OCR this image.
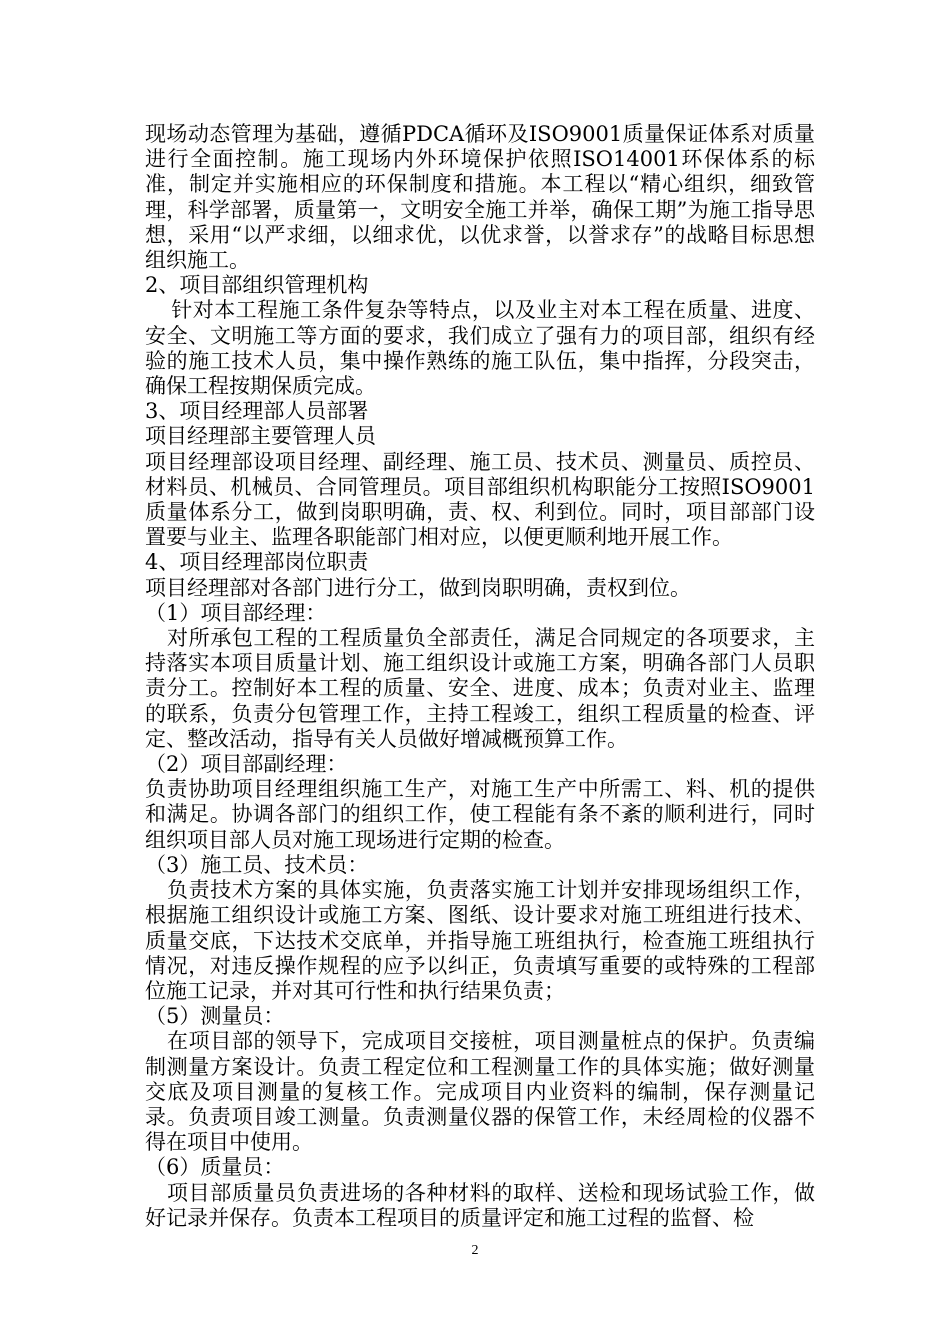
现场动态管理为基础，遵循PDCA循环及ISO9001质量保证体系对质量进行全面控制。施工现场内外环境保护依照ISO14001环保体系的标准，制定并实施相应的环保制度和措施。本工程以“精心组织，细致管理，科学部署，质量第一，文明安全施工并举，确保工期”为施工指导思想，采用“以严求细，以细求优，以优求誉，以誉求存”的战略目标思想组织施工。

2、项目部组织管理机构

针对本工程施工条件复杂等特点，以及业主对本工程在质量、进度、安全、文明施工等方面的要求，我们成立了强有力的项目部，组织有经验的施工技术人员，集中操作熟练的施工队伍，集中指挥，分段突击，确保工程按期保质完成。

3、项目经理部人员部署

项目经理部主要管理人员

项目经理部设项目经理、副经理、施工员、技术员、测量员、质控员、材料员、机械员、合同管理员。项目部组织机构职能分工按照ISO9001质量体系分工，做到岗职明确，责、权、利到位。同时，项目部部门设置要与业主、监理各职能部门相对应，以便更顺利地开展工作。

4、项目经理部岗位职责

项目经理部对各部门进行分工，做到岗职明确，责权到位。

（1）项目部经理：

对所承包工程的工程质量负全部责任，满足合同规定的各项要求，主持落实本项目质量计划、施工组织设计或施工方案，明确各部门人员职责分工。控制好本工程的质量、安全、进度、成本；负责对业主、监理的联系，负责分包管理工作，主持工程竣工，组织工程质量的检查、评定、整改活动，指导有关人员做好增减概预算工作。

（2）项目部副经理：

负责协助项目经理组织施工生产，对施工生产中所需工、料、机的提供和满足。协调各部门的组织工作，使工程能有条不紊的顺利进行，同时组织项目部人员对施工现场进行定期的检查。

（3）施工员、技术员：

负责技术方案的具体实施，负责落实施工计划并安排现场组织工作，根据施工组织设计或施工方案、图纸、设计要求对施工班组进行技术、质量交底，下达技术交底单，并指导施工班组执行，检查施工班组执行情况，对违反操作规程的应予以纠正，负责填写重要的或特殊的工程部位施工记录，并对其可行性和执行结果负责；

（5）测量员：

在项目部的领导下，完成项目交接桩，项目测量桩点的保护。负责编制测量方案设计。负责工程定位和工程测量工作的具体实施；做好测量交底及项目测量的复核工作。完成项目内业资料的编制，保存测量记录。负责项目竣工测量。负责测量仪器的保管工作，未经周检的仪器不得在项目中使用。

（6）质量员：

项目部质量员负责进场的各种材料的取样、送检和现场试验工作，做好记录并保存。负责本工程项目的质量评定和施工过程的监督、检

2
